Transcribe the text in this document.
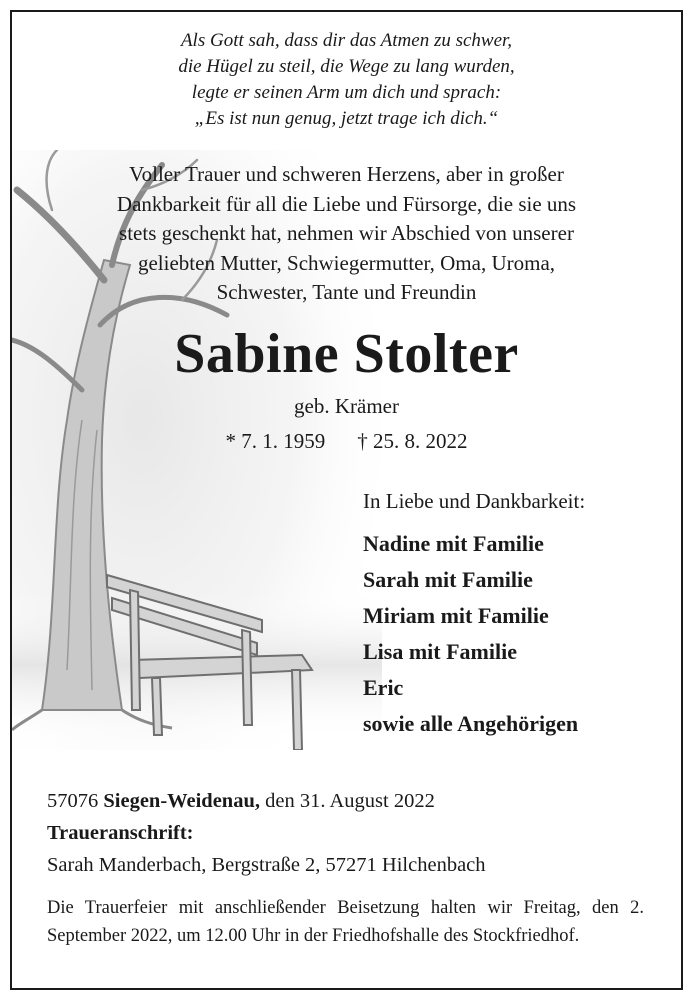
Als Gott sah, dass dir das Atmen zu schwer,
die Hügel zu steil, die Wege zu lang wurden,
legte er seinen Arm um dich und sprach:
„Es ist nun genug, jetzt trage ich dich.“
Voller Trauer und schweren Herzens, aber in großer
Dankbarkeit für all die Liebe und Fürsorge, die sie uns
stets geschenkt hat, nehmen wir Abschied von unserer
geliebten Mutter, Schwiegermutter, Oma, Uroma,
Schwester, Tante und Freundin
Sabine Stolter
geb. Krämer
* 7. 1. 1959 † 25. 8. 2022
In Liebe und Dankbarkeit:
Nadine mit Familie
Sarah mit Familie
Miriam mit Familie
Lisa mit Familie
Eric
sowie alle Angehörigen
57076 Siegen-Weidenau, den 31. August 2022
Traueranschrift:
Sarah Manderbach, Bergstraße 2, 57271 Hilchenbach
Die Trauerfeier mit anschließender Beisetzung halten wir Freitag, den 2. September 2022, um 12.00 Uhr in der Friedhofshalle des Stockfriedhof.
